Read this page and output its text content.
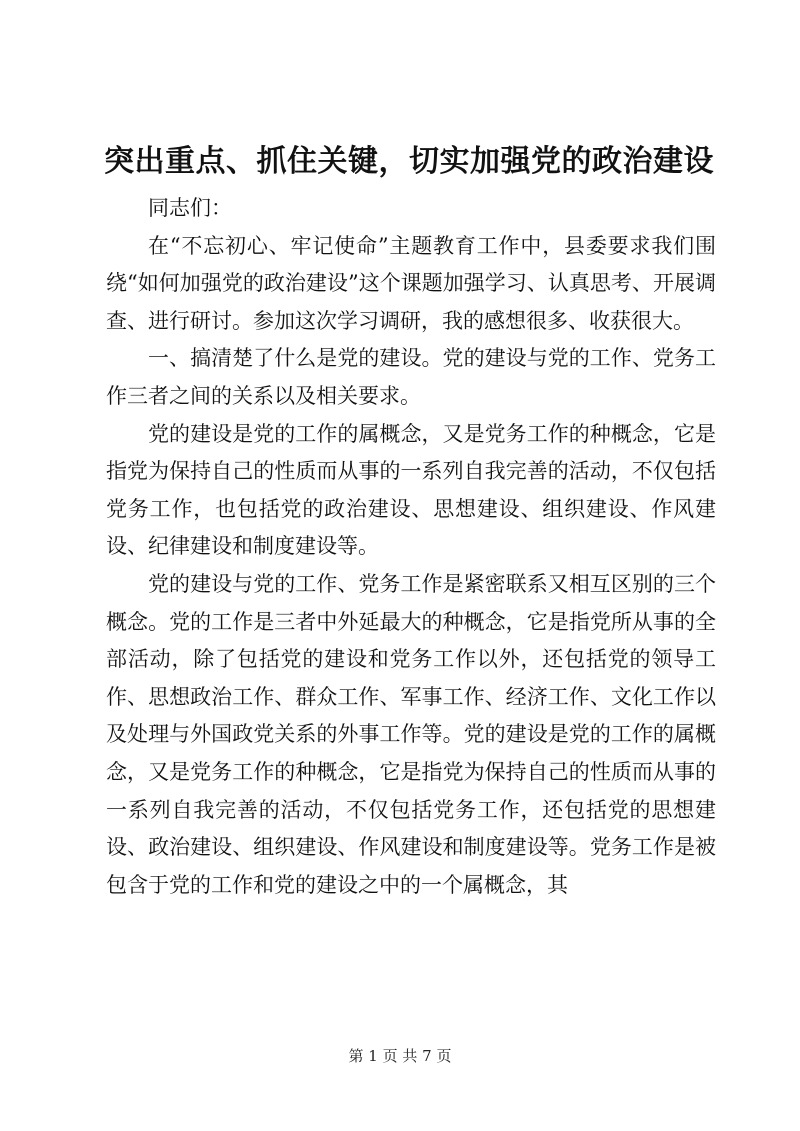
突出重点、抓住关键，切实加强党的政治建设

同志们：

在“不忘初心、牢记使命”主题教育工作中，县委要求我们围绕“如何加强党的政治建设”这个课题加强学习、认真思考、开展调查、进行研讨。参加这次学习调研，我的感想很多、收获很大。

一、搞清楚了什么是党的建设。党的建设与党的工作、党务工作三者之间的关系以及相关要求。

党的建设是党的工作的属概念，又是党务工作的种概念，它是指党为保持自己的性质而从事的一系列自我完善的活动，不仅包括党务工作，也包括党的政治建设、思想建设、组织建设、作风建设、纪律建设和制度建设等。

党的建设与党的工作、党务工作是紧密联系又相互区别的三个概念。党的工作是三者中外延最大的种概念，它是指党所从事的全部活动，除了包括党的建设和党务工作以外，还包括党的领导工作、思想政治工作、群众工作、军事工作、经济工作、文化工作以及处理与外国政党关系的外事工作等。党的建设是党的工作的属概念，又是党务工作的种概念，它是指党为保持自己的性质而从事的一系列自我完善的活动，不仅包括党务工作，还包括党的思想建设、政治建设、组织建设、作风建设和制度建设等。党务工作是被包含于党的工作和党的建设之中的一个属概念，其

第 1 页 共 7 页
